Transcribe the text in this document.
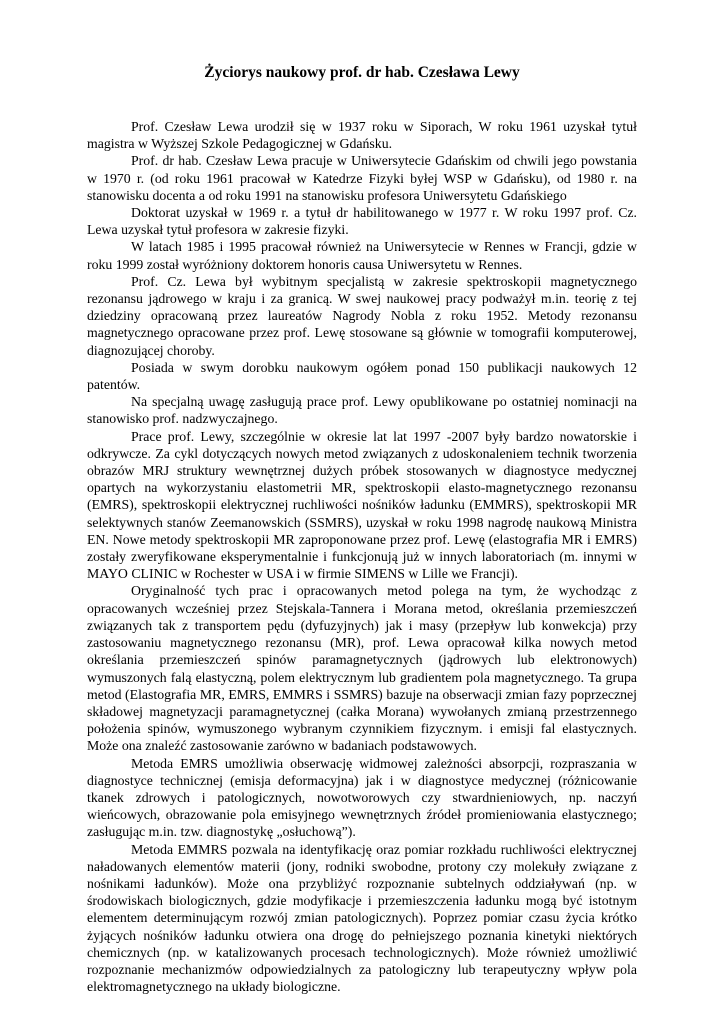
Życiorys naukowy prof. dr hab. Czesława Lewy

Prof. Czesław Lewa urodził się w 1937 roku w Siporach, W roku 1961 uzyskał tytuł magistra w Wyższej Szkole Pedagogicznej w Gdańsku.

Prof. dr hab. Czesław Lewa pracuje w Uniwersytecie Gdańskim od chwili jego powstania w 1970 r. (od roku 1961 pracował w Katedrze Fizyki byłej WSP w Gdańsku), od 1980 r. na stanowisku docenta a od roku 1991 na stanowisku profesora Uniwersytetu Gdańskiego

Doktorat uzyskał w 1969 r. a tytuł dr habilitowanego w 1977 r. W roku 1997 prof. Cz. Lewa uzyskał tytuł profesora w zakresie fizyki.

W latach 1985 i 1995 pracował również na Uniwersytecie w Rennes w Francji, gdzie w roku 1999 został wyróżniony doktorem honoris causa Uniwersytetu w Rennes.

Prof. Cz. Lewa był wybitnym specjalistą w zakresie spektroskopii magnetycznego rezonansu jądrowego w kraju i za granicą. W swej naukowej pracy podważył m.in. teorię z tej dziedziny opracowaną przez laureatów Nagrody Nobla z roku 1952. Metody rezonansu magnetycznego opracowane przez prof. Lewę stosowane są głównie w tomografii komputerowej, diagnozującej choroby.

Posiada w swym dorobku naukowym ogółem ponad 150 publikacji naukowych 12 patentów.

Na specjalną uwagę zasługują prace prof. Lewy opublikowane po ostatniej nominacji na stanowisko prof. nadzwyczajnego.

Prace prof. Lewy, szczególnie w okresie lat lat 1997 -2007 były bardzo nowatorskie i odkrywcze. Za cykl dotyczących nowych metod związanych z udoskonaleniem technik tworzenia obrazów MRJ struktury wewnętrznej dużych próbek stosowanych w diagnostyce medycznej opartych na wykorzystaniu elastometrii MR, spektroskopii elasto-magnetycznego rezonansu (EMRS), spektroskopii elektrycznej ruchliwości nośników ładunku (EMMRS), spektroskopii MR selektywnych stanów Zeemanowskich (SSMRS), uzyskał w roku 1998 nagrodę naukową Ministra EN. Nowe metody spektroskopii MR zaproponowane przez prof. Lewę (elastografia MR i EMRS) zostały zweryfikowane eksperymentalnie i funkcjonują już w innych laboratoriach (m. innymi w MAYO CLINIC w Rochester w USA i w firmie SIMENS w Lille we Francji).

Oryginalność tych prac i opracowanych metod polega na tym, że wychodząc z opracowanych wcześniej przez Stejskala-Tannera i Morana metod, określania przemieszczeń związanych tak z transportem pędu (dyfuzyjnych) jak i masy (przepływ lub konwekcja) przy zastosowaniu magnetycznego rezonansu (MR), prof. Lewa opracował kilka nowych metod określania przemieszczeń spinów paramagnetycznych (jądrowych lub elektronowych) wymuszonych falą elastyczną, polem elektrycznym lub gradientem pola magnetycznego. Ta grupa metod (Elastografia MR, EMRS, EMMRS i SSMRS) bazuje na obserwacji zmian fazy poprzecznej składowej magnetyzacji paramagnetycznej (całka Morana) wywołanych zmianą przestrzennego położenia spinów, wymuszonego wybranym czynnikiem fizycznym. i emisji fal elastycznych. Może ona znaleźć zastosowanie zarówno w badaniach podstawowych.

Metoda EMRS umożliwia obserwację widmowej zależności absorpcji, rozpraszania w diagnostyce technicznej (emisja deformacyjna) jak i w diagnostyce medycznej (różnicowanie tkanek zdrowych i patologicznych, nowotworowych czy stwardnieniowych, np. naczyń wieńcowych, obrazowanie pola emisyjnego wewnętrznych źródeł promieniowania elastycznego; zasługując m.in. tzw. diagnostykę „osłuchową”).

Metoda EMMRS pozwala na identyfikację oraz pomiar rozkładu ruchliwości elektrycznej naładowanych elementów materii (jony, rodniki swobodne, protony czy molekuły związane z nośnikami ładunków). Może ona przybliżyć rozpoznanie subtelnych oddziaływań (np. w środowiskach biologicznych, gdzie modyfikacje i przemieszczenia ładunku mogą być istotnym elementem determinującym rozwój zmian patologicznych). Poprzez pomiar czasu życia krótko żyjących nośników ładunku otwiera ona drogę do pełniejszego poznania kinetyki niektórych chemicznych (np. w katalizowanych procesach technologicznych). Może również umożliwić rozpoznanie mechanizmów odpowiedzialnych za patologiczny lub terapeutyczny wpływ pola elektromagnetycznego na układy biologiczne.
